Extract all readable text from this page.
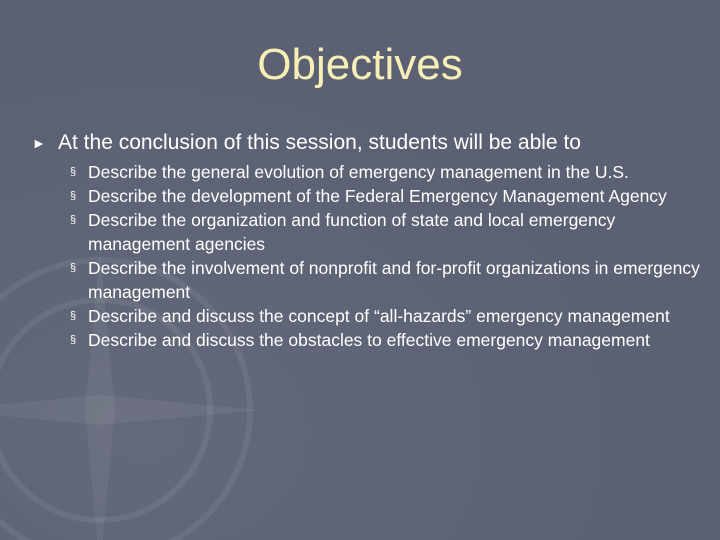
Objectives
► At the conclusion of this session, students will be able to
§ Describe the general evolution of emergency management in the U.S.
§ Describe the development of the Federal Emergency Management Agency
§ Describe the organization and function of state and local emergency management agencies
§ Describe the involvement of nonprofit and for-profit organizations in emergency management
§ Describe and discuss the concept of “all-hazards” emergency management
§ Describe and discuss the obstacles to effective emergency management
